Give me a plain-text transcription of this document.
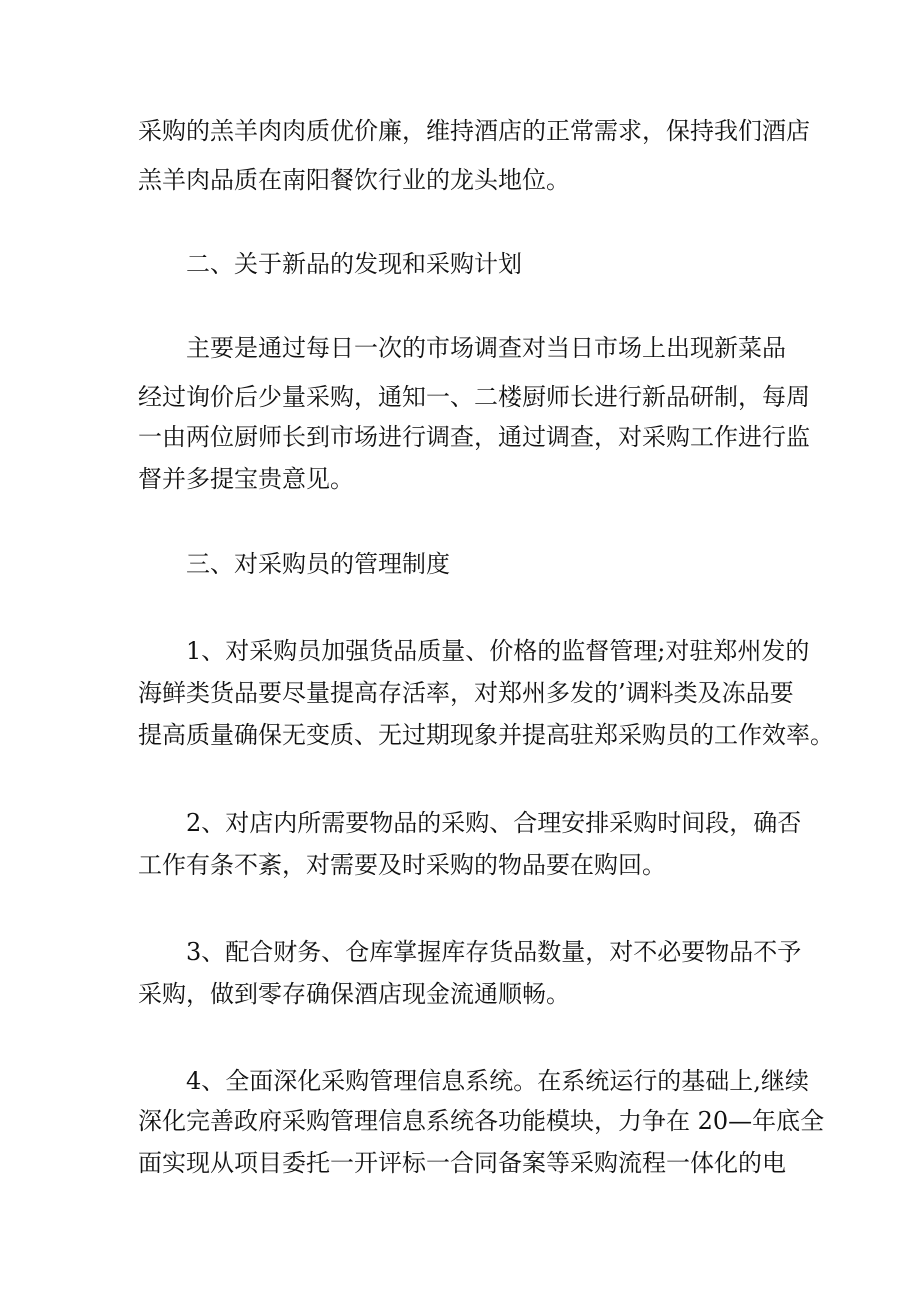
采购的羔羊肉肉质优价廉，维持酒店的正常需求，保持我们酒店
羔羊肉品质在南阳餐饮行业的龙头地位。
二、关于新品的发现和采购计划
主要是通过每日一次的市场调查对当日市场上出现新菜品
经过询价后少量采购，通知一、二楼厨师长进行新品研制，每周
一由两位厨师长到市场进行调查，通过调查，对采购工作进行监
督并多提宝贵意见。
三、对采购员的管理制度
1、对采购员加强货品质量、价格的监督管理;对驻郑州发的
海鲜类货品要尽量提高存活率，对郑州多发的’调料类及冻品要
提高质量确保无变质、无过期现象并提高驻郑采购员的工作效率。
2、对店内所需要物品的采购、合理安排采购时间段，确否
工作有条不紊，对需要及时采购的物品要在购回。
3、配合财务、仓库掌握库存货品数量，对不必要物品不予
采购，做到零存确保酒店现金流通顺畅。
4、全面深化采购管理信息系统。在系统运行的基础上,继续
深化完善政府采购管理信息系统各功能模块，力争在 20—年底全
面实现从项目委托一开评标一合同备案等采购流程一体化的电
